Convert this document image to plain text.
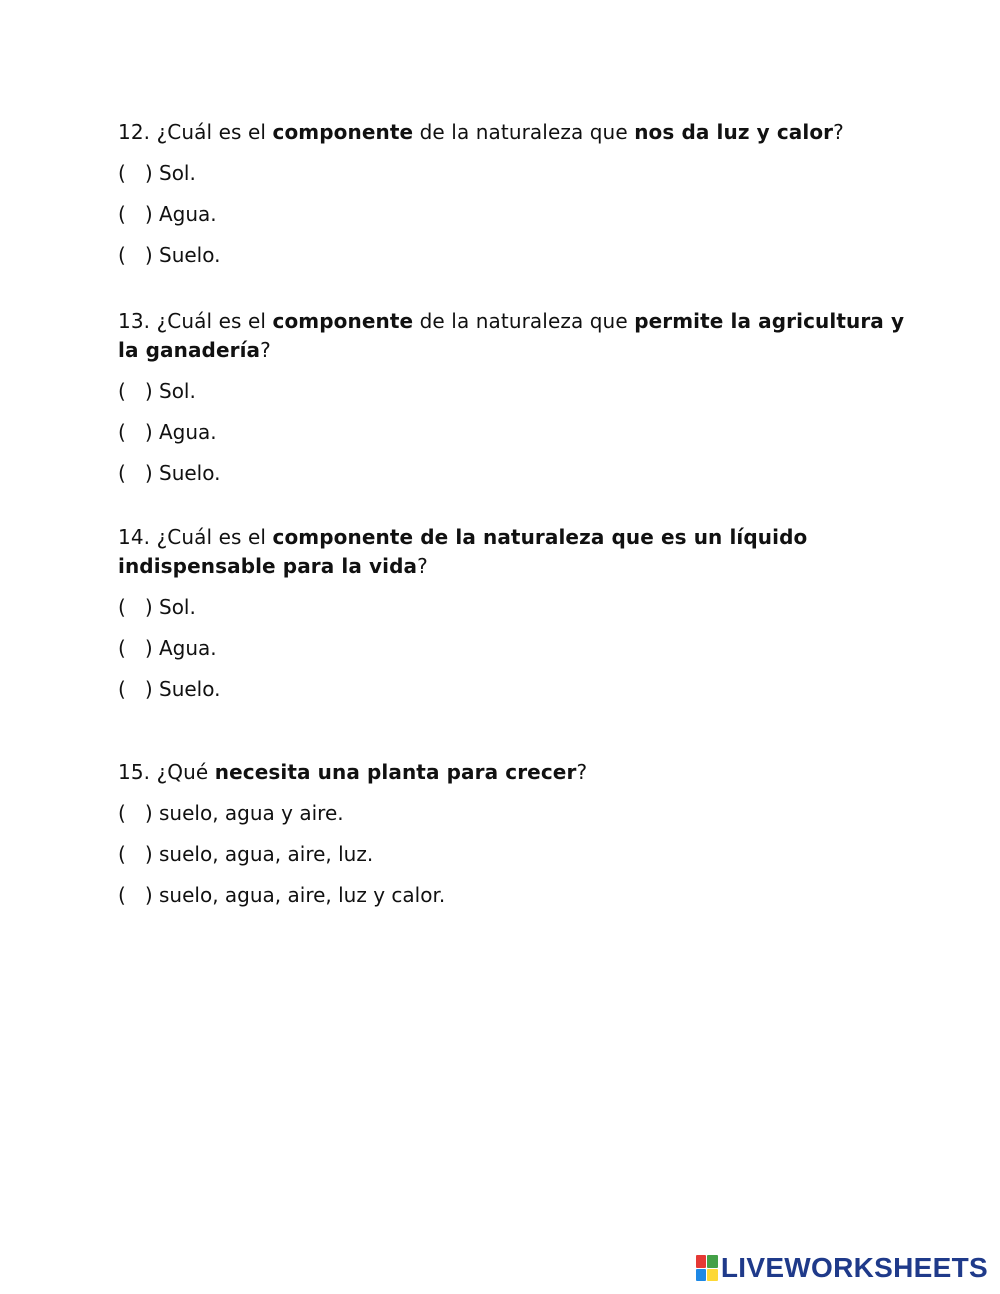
12. ¿Cuál es el componente de la naturaleza que nos da luz y calor?

(   ) Sol.
(   ) Agua.
(   ) Suelo.

13. ¿Cuál es el componente de la naturaleza que permite la agricultura y la ganadería?

(   ) Sol.
(   ) Agua.
(   ) Suelo.

14. ¿Cuál es el componente de la naturaleza que es un líquido indispensable para la vida?

(   ) Sol.
(   ) Agua.
(   ) Suelo.

15. ¿Qué necesita una planta para crecer?

(   ) suelo, agua y aire.
(   ) suelo, agua, aire, luz.
(   ) suelo, agua, aire, luz y calor.
LIVEWORKSHEETS
